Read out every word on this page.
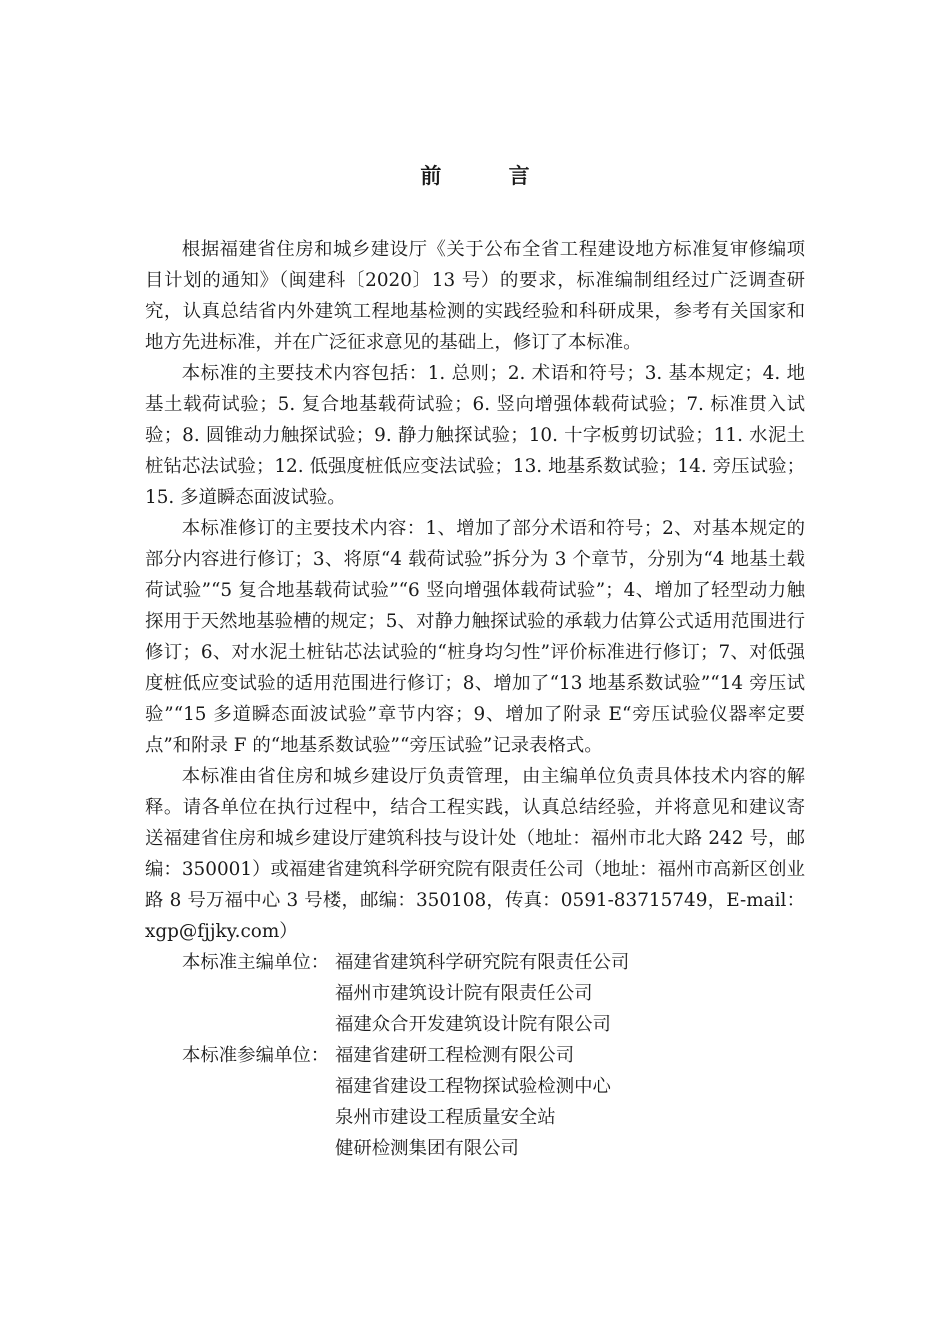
前 言

根据福建省住房和城乡建设厅《关于公布全省工程建设地方标准复审修编项目计划的通知》（闽建科〔2020〕13 号）的要求，标准编制组经过广泛调查研究，认真总结省内外建筑工程地基检测的实践经验和科研成果，参考有关国家和地方先进标准，并在广泛征求意见的基础上，修订了本标准。

本标准的主要技术内容包括：1. 总则；2. 术语和符号；3. 基本规定；4. 地基土载荷试验；5. 复合地基载荷试验；6. 竖向增强体载荷试验；7. 标准贯入试验；8. 圆锥动力触探试验；9. 静力触探试验；10. 十字板剪切试验；11. 水泥土桩钻芯法试验；12. 低强度桩低应变法试验；13. 地基系数试验；14. 旁压试验；15. 多道瞬态面波试验。

本标准修订的主要技术内容：1、增加了部分术语和符号；2、对基本规定的部分内容进行修订；3、将原“4 载荷试验”拆分为 3 个章节，分别为“4 地基土载荷试验”“5 复合地基载荷试验”“6 竖向增强体载荷试验”；4、增加了轻型动力触探用于天然地基验槽的规定；5、对静力触探试验的承载力估算公式适用范围进行修订；6、对水泥土桩钻芯法试验的“桩身均匀性”评价标准进行修订；7、对低强度桩低应变试验的适用范围进行修订；8、增加了“13 地基系数试验”“14 旁压试验”“15 多道瞬态面波试验”章节内容；9、增加了附录 E“旁压试验仪器率定要点”和附录 F 的“地基系数试验”“旁压试验”记录表格式。

本标准由省住房和城乡建设厅负责管理，由主编单位负责具体技术内容的解释。请各单位在执行过程中，结合工程实践，认真总结经验，并将意见和建议寄送福建省住房和城乡建设厅建筑科技与设计处（地址：福州市北大路 242 号，邮编：350001）或福建省建筑科学研究院有限责任公司（地址：福州市高新区创业路 8 号万福中心 3 号楼，邮编：350108，传真：0591-83715749，E-mail：xgp@fjjky.com）

本标准主编单位： 福建省建筑科学研究院有限责任公司
福州市建筑设计院有限责任公司
福建众合开发建筑设计院有限公司
本标准参编单位： 福建省建研工程检测有限公司
福建省建设工程物探试验检测中心
泉州市建设工程质量安全站
健研检测集团有限公司
